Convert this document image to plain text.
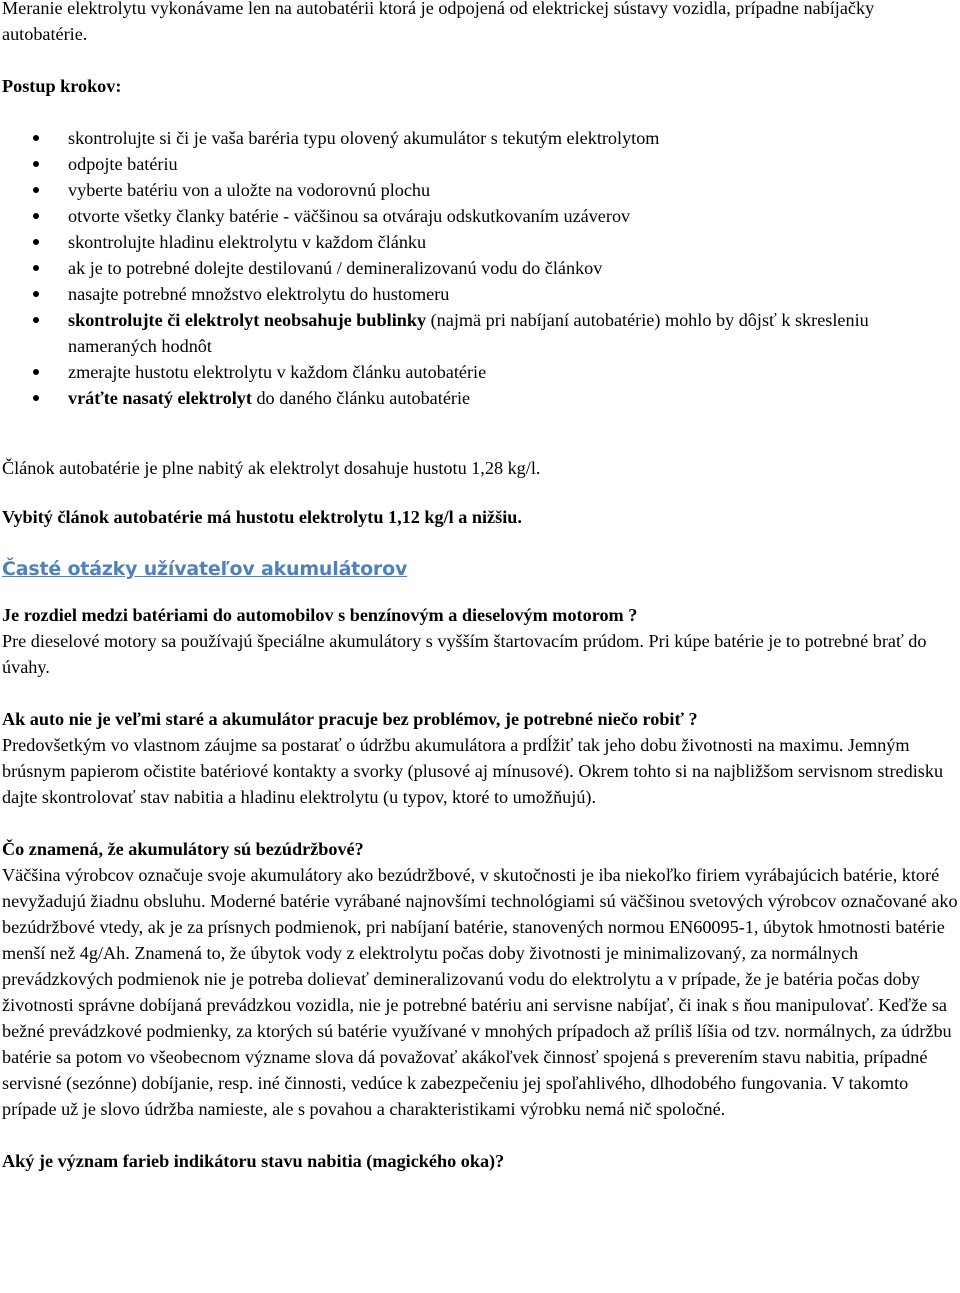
Meranie elektrolytu vykonávame len na autobatérii ktorá je odpojená od elektrickej sústavy vozidla, prípadne nabíjačky autobatérie.

Postup krokov:

skontrolujte si či je vaša baréria typu olovený akumulátor s tekutým elektrolytom
odpojte batériu
vyberte batériu von a uložte na vodorovnú plochu
otvorte všetky članky batérie - väčšinou sa otváraju odskutkovaním uzáverov
skontrolujte hladinu elektrolytu v každom článku
ak je to potrebné dolejte destilovanú / demineralizovanú vodu do článkov
nasajte potrebné množstvo elektrolytu do hustomeru
skontrolujte či elektrolyt neobsahuje bublinky (najmä pri nabíjaní autobatérie) mohlo by dôjsť k skresleniu nameraných hodnôt
zmerajte hustotu elektrolytu v každom článku autobatérie
vráťte nasatý elektrolyt do daného článku autobatérie

Článok autobatérie je plne nabitý ak elektrolyt dosahuje hustotu 1,28 kg/l.

Vybitý článok autobatérie má hustotu elektrolytu 1,12 kg/l a nižšiu.

Časté otázky užívateľov akumulátorov

Je rozdiel medzi batériami do automobilov s benzínovým a dieselovým motorom ?

Pre dieselové motory sa používajú špeciálne akumulátory s vyšším štartovacím prúdom. Pri kúpe batérie je to potrebné brať do úvahy.

Ak auto nie je veľmi staré a akumulátor pracuje bez problémov, je potrebné niečo robiť ?

Predovšetkým vo vlastnom záujme sa postarať o údržbu akumulátora a prdĺžiť tak jeho dobu životnosti na maximu. Jemným brúsnym papierom očistite batériové kontakty a svorky (plusové aj mínusové). Okrem tohto si na najbližšom servisnom stredisku dajte skontrolovať stav nabitia a hladinu elektrolytu (u typov, ktoré to umožňujú).

Čo znamená, že akumulátory sú bezúdržbové?

Väčšina výrobcov označuje svoje akumulátory ako bezúdržbové, v skutočnosti je iba niekoľko firiem vyrábajúcich batérie, ktoré nevyžadujú žiadnu obsluhu. Moderné batérie vyrábané najnovšími technológiami sú väčšinou svetových výrobcov označované ako bezúdržbové vtedy, ak je za prísnych podmienok, pri nabíjaní batérie, stanovených normou EN60095-1, úbytok hmotnosti batérie menší než 4g/Ah. Znamená to, že úbytok vody z elektrolytu počas doby životnosti je minimalizovaný, za normálnych prevádzkových podmienok nie je potreba dolievať demineralizovanú vodu do elektrolytu a v prípade, že je batéria počas doby životnosti správne dobíjaná prevádzkou vozidla, nie je potrebné batériu ani servisne nabíjať, či inak s ňou manipulovať. Keďže sa bežné prevádzkové podmienky, za ktorých sú batérie využívané v mnohých prípadoch až príliš líšia od tzv. normálnych, za údržbu batérie sa potom vo všeobecnom význame slova dá považovať akákoľvek činnosť spojená s preverením stavu nabitia, prípadné servisné (sezónne) dobíjanie, resp. iné činnosti, vedúce k zabezpečeniu jej spoľahlivého, dlhodobého fungovania. V takomto prípade už je slovo údržba namieste, ale s povahou a charakteristikami výrobku nemá nič spoločné.

Aký je význam farieb indikátoru stavu nabitia (magického oka)?
